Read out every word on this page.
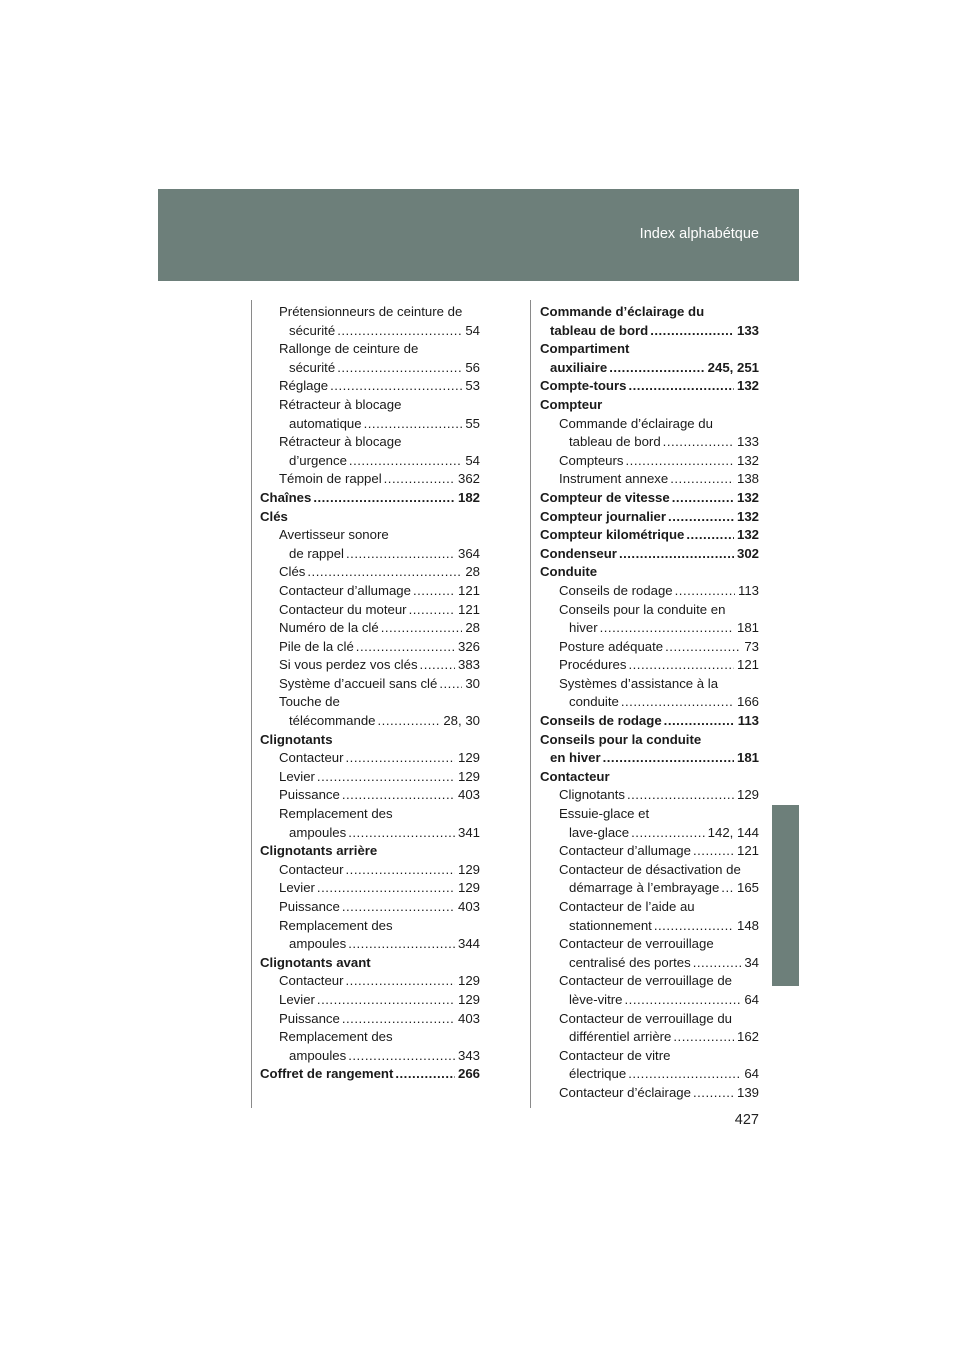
Index alphabétque
Prétensionneurs de ceinture de
sécurité .....	54
Rallonge de ceinture de
sécurité .....	56
Réglage .....	53
Rétracteur à blocage
automatique .....	55
Rétracteur à blocage
d’urgence .....	54
Témoin de rappel .....	362
Chaînes .....	182
Clés
Avertisseur sonore
de rappel .....	364
Clés .....	28
Contacteur d’allumage .....	121
Contacteur du moteur .....	121
Numéro de la clé .....	28
Pile de la clé .....	326
Si vous perdez vos clés .....	383
Système d’accueil sans clé ..... 30
Touche de
télécommande .....	28, 30
Clignotants
Contacteur .....	129
Levier .....	129
Puissance .....	403
Remplacement des
ampoules .....	341
Clignotants arrière
Contacteur .....	129
Levier .....	129
Puissance .....	403
Remplacement des
ampoules .....	344
Clignotants avant
Contacteur .....	129
Levier .....	129
Puissance .....	403
Remplacement des
ampoules .....	343
Coffret de rangement .....	266
Commande d’éclairage du
tableau de bord .....	133
Compartiment
auxiliaire .....	245, 251
Compte-tours .....	132
Compteur
Commande d’éclairage du
tableau de bord .....	133
Compteurs .....	132
Instrument annexe .....	138
Compteur de vitesse .....	132
Compteur journalier .....	132
Compteur kilométrique .....	132
Condenseur .....	302
Conduite
Conseils de rodage .....	113
Conseils pour la conduite en
hiver .....	181
Posture adéquate .....	73
Procédures .....	121
Systèmes d’assistance à la
conduite .....	166
Conseils de rodage .....	113
Conseils pour la conduite
en hiver .....	181
Contacteur
Clignotants .....	129
Essuie-glace et
lave-glace .....	142, 144
Contacteur d’allumage .....	121
Contacteur de désactivation de
démarrage à l’embrayage ..... 165
Contacteur de l’aide au
stationnement .....	148
Contacteur de verrouillage
centralisé des portes .....	34
Contacteur de verrouillage de
lève-vitre .....	64
Contacteur de verrouillage du
différentiel arrière .....	162
Contacteur de vitre
électrique .....	64
Contacteur d’éclairage .....	139
427
